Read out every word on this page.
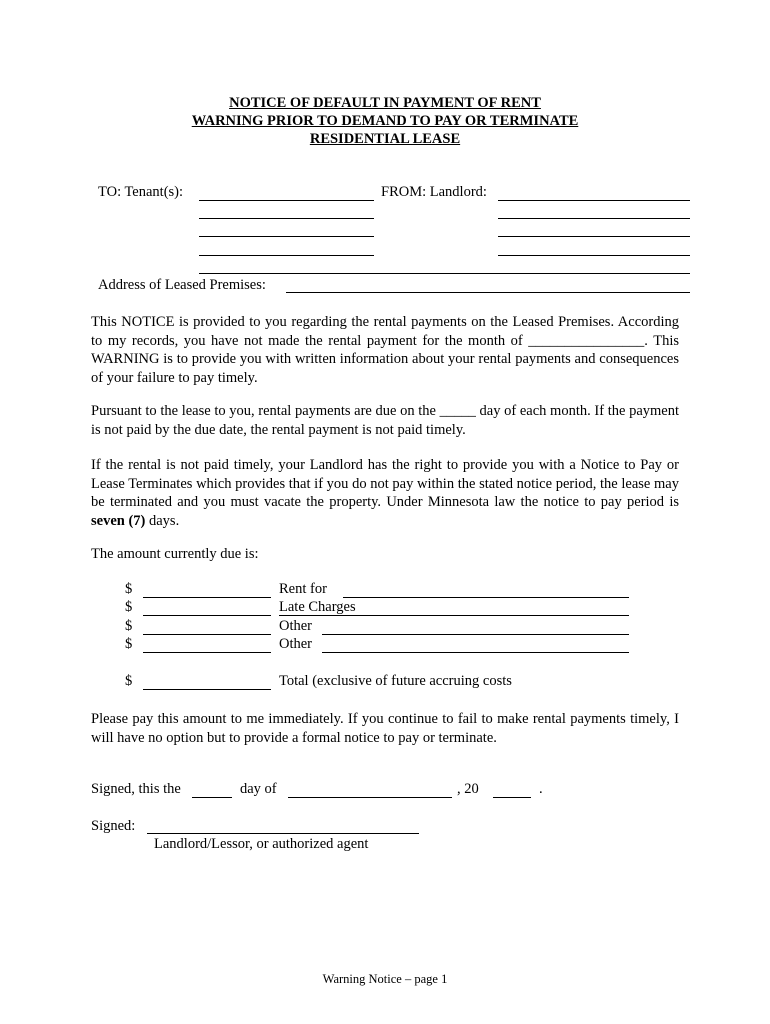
NOTICE OF DEFAULT IN PAYMENT OF RENT
WARNING PRIOR TO DEMAND TO PAY OR TERMINATE
RESIDENTIAL LEASE
TO: Tenant(s):	FROM: Landlord:
Address of Leased Premises:
This NOTICE is provided to you regarding the rental payments on the Leased Premises. According to my records, you have not made the rental payment for the month of ________________. This WARNING is to provide you with written information about your rental payments and consequences of your failure to pay timely.
Pursuant to the lease to you, rental payments are due on the _____ day of each month. If the payment is not paid by the due date, the rental payment is not paid timely.
If the rental is not paid timely, your Landlord has the right to provide you with a Notice to Pay or Lease Terminates which provides that if you do not pay within the stated notice period, the lease may be terminated and you must vacate the property. Under Minnesota law the notice to pay period is seven (7) days.
The amount currently due is:
$	Rent for
$	Late Charges
$	Other
$	Other
$	Total (exclusive of future accruing costs
Please pay this amount to me immediately. If you continue to fail to make rental payments timely, I will have no option but to provide a formal notice to pay or terminate.
Signed, this the	day of	, 20	.
Signed:
Landlord/Lessor, or authorized agent
Warning Notice – page 1
